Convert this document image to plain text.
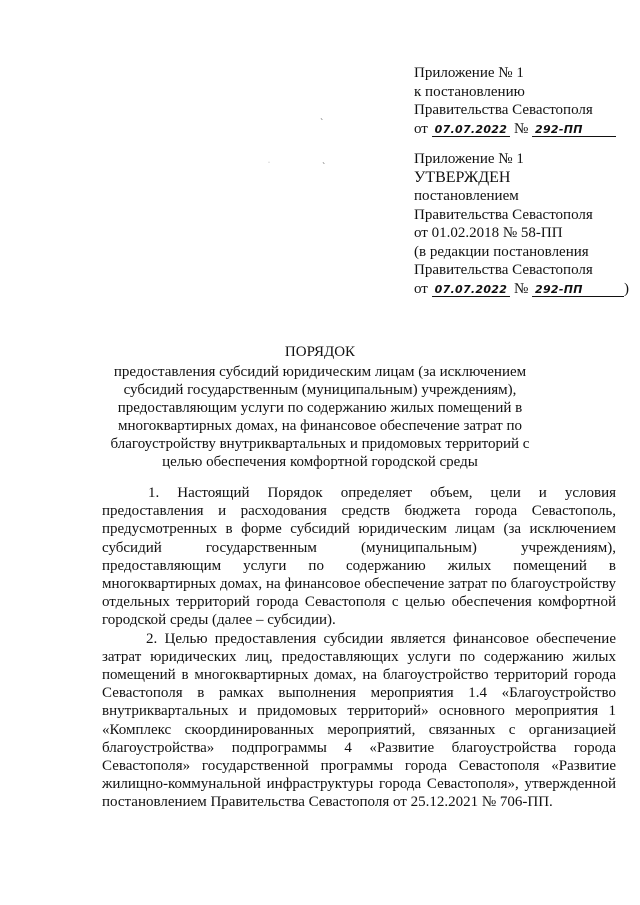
`
`
·
Приложение № 1
к постановлению
Правительства Севастополя
от 07.07.2022 № 292-ПП
Приложение № 1
УТВЕРЖДЕН
постановлением
Правительства Севастополя
от 01.02.2018 № 58-ПП
(в редакции постановления
Правительства Севастополя
от 07.07.2022 № 292-ПП	)
ПОРЯДОК
предоставления субсидий юридическим лицам (за исключением субсидий государственным (муниципальным) учреждениям), предоставляющим услуги по содержанию жилых помещений в многоквартирных домах, на финансовое обеспечение затрат по благоустройству внутриквартальных и придомовых территорий с целью обеспечения комфортной городской среды

1. Настоящий Порядок определяет объем, цели и условия предоставления и расходования средств бюджета города Севастополь, предусмотренных в форме субсидий юридическим лицам (за исключением субсидий государственным (муниципальным) учреждениям), предоставляющим услуги по содержанию жилых помещений в многоквартирных домах, на финансовое обеспечение затрат по благоустройству отдельных территорий города Севастополя с целью обеспечения комфортной городской среды (далее – субсидии).

2. Целью предоставления субсидии является финансовое обеспечение затрат юридических лиц, предоставляющих услуги по содержанию жилых помещений в многоквартирных домах, на благоустройство территорий города Севастополя в рамках выполнения мероприятия 1.4 «Благоустройство внутриквартальных и придомовых территорий» основного мероприятия 1 «Комплекс скоординированных мероприятий, связанных с организацией благоустройства» подпрограммы 4 «Развитие благоустройства города Севастополя» государственной программы города Севастополя «Развитие жилищно-коммунальной инфраструктуры города Севастополя», утвержденной постановлением Правительства Севастополя от 25.12.2021 № 706-ПП.
